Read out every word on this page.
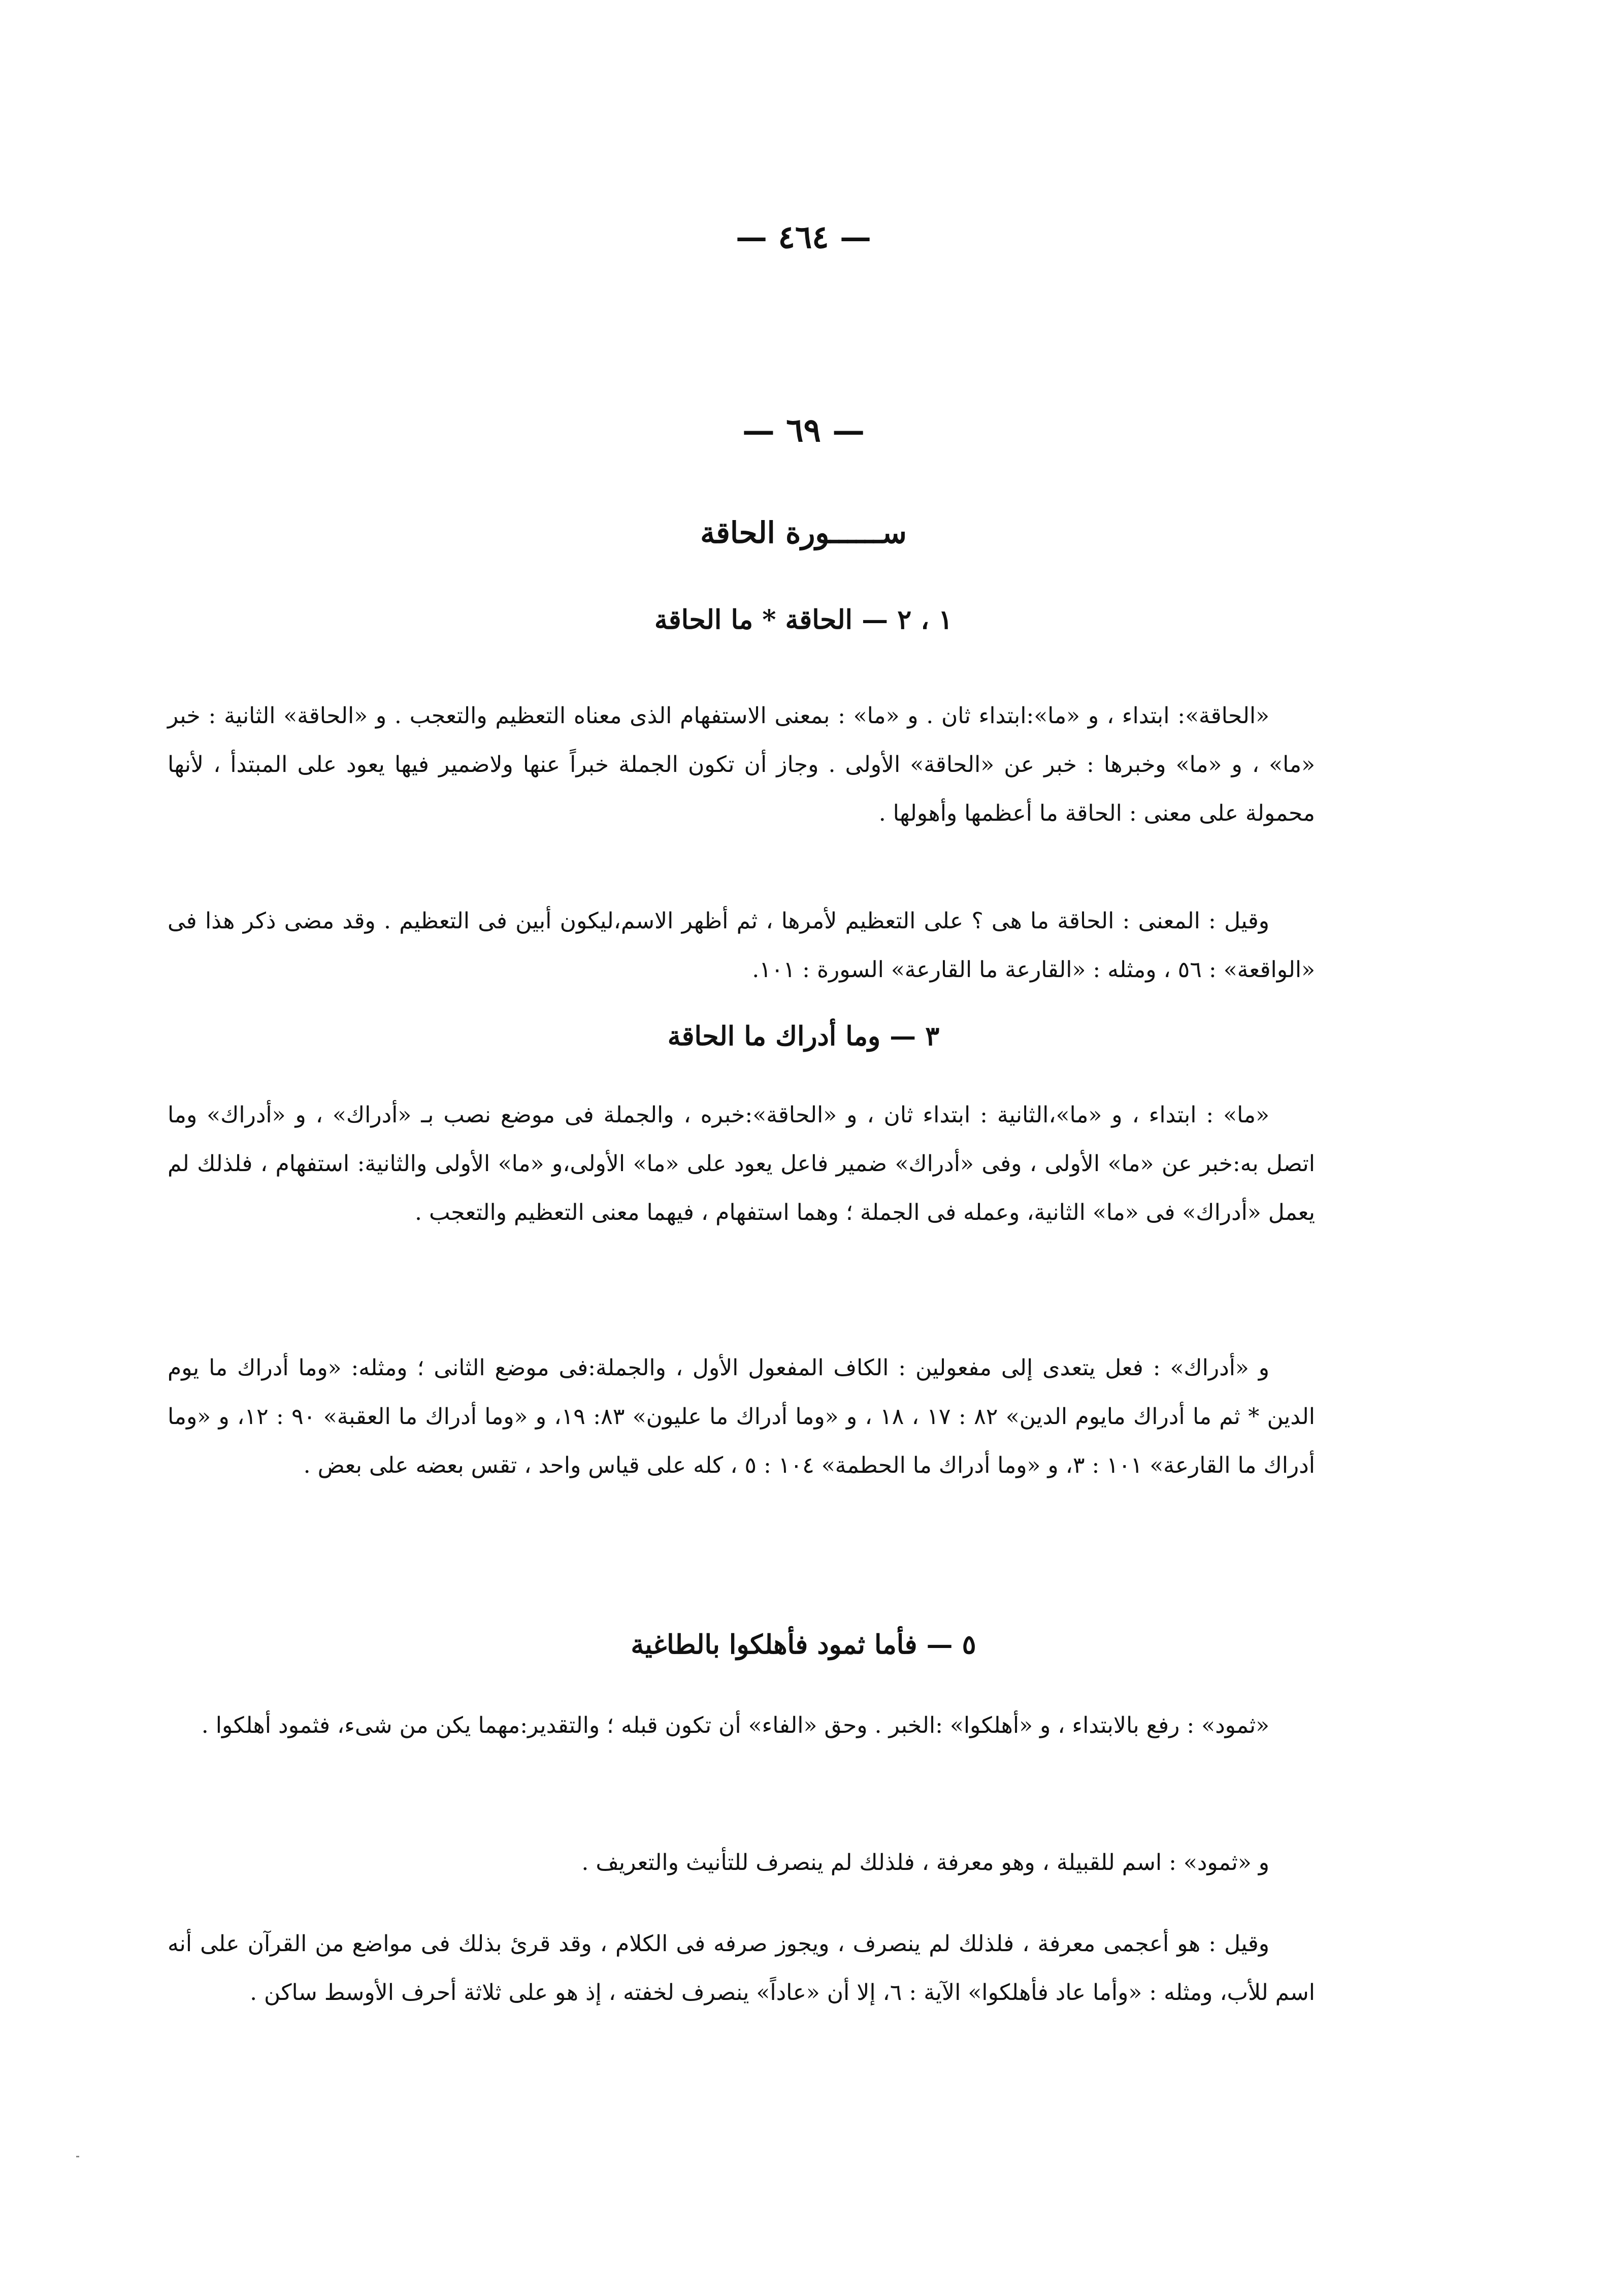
— ٤٦٤ —
— ٦٩ —
ســــــورة الحاقة
١ ، ٢ — الحاقة * ما الحاقة

«الحاقة»: ابتداء ، و «ما»:ابتداء ثان . و «ما» : بمعنى الاستفهام الذى معناه التعظيم والتعجب . و «الحاقة» الثانية : خبر «ما» ، و «ما» وخبرها : خبر عن «الحاقة» الأولى . وجاز أن تكون الجملة خبراً عنها ولاضمير فيها يعود على المبتدأ ، لأنها محمولة على معنى : الحاقة ما أعظمها وأهولها .

وقيل : المعنى : الحاقة ما هى ؟ على التعظيم لأمرها ، ثم أظهر الاسم،ليكون أبين فى التعظيم . وقد مضى ذكر هذا فى «الواقعة» : ٥٦ ، ومثله : «القارعة ما القارعة» السورة : ١٠١.

٣ — وما أدراك ما الحاقة

«ما» : ابتداء ، و «ما»،الثانية : ابتداء ثان ، و «الحاقة»:خبره ، والجملة فى موضع نصب بـ «أدراك» ، و «أدراك» وما اتصل به:خبر عن «ما» الأولى ، وفى «أدراك» ضمير فاعل يعود على «ما» الأولى،و «ما» الأولى والثانية: استفهام ، فلذلك لم يعمل «أدراك» فى «ما» الثانية، وعمله فى الجملة ؛ وهما استفهام ، فيهما معنى التعظيم والتعجب .

و «أدراك» : فعل يتعدى إلى مفعولين : الكاف المفعول الأول ، والجملة:فى موضع الثانى ؛ ومثله: «وما أدراك ما يوم الدين * ثم ما أدراك مايوم الدين» ٨٢ : ١٧ ، ١٨ ، و «وما أدراك ما عليون» ٨٣: ١٩، و «وما أدراك ما العقبة» ٩٠ : ١٢، و «وما أدراك ما القارعة» ١٠١ : ٣، و «وما أدراك ما الحطمة» ١٠٤ : ٥ ، كله على قياس واحد ، تقس بعضه على بعض .

٥ — فأما ثمود فأهلكوا بالطاغية

«ثمود» : رفع بالابتداء ، و «أهلكوا» :الخبر . وحق «الفاء» أن تكون قبله ؛ والتقدير:مهما يكن من شىء، فثمود أهلكوا .

و «ثمود» : اسم للقبيلة ، وهو معرفة ، فلذلك لم ينصرف للتأنيث والتعريف .

وقيل : هو أعجمى معرفة ، فلذلك لم ينصرف ، ويجوز صرفه فى الكلام ، وقد قرئ بذلك فى مواضع من القرآن على أنه اسم للأب، ومثله : «وأما عاد فأهلكوا» الآية : ٦، إلا أن «عاداً» ينصرف لخفته ، إذ هو على ثلاثة أحرف الأوسط ساكن .
